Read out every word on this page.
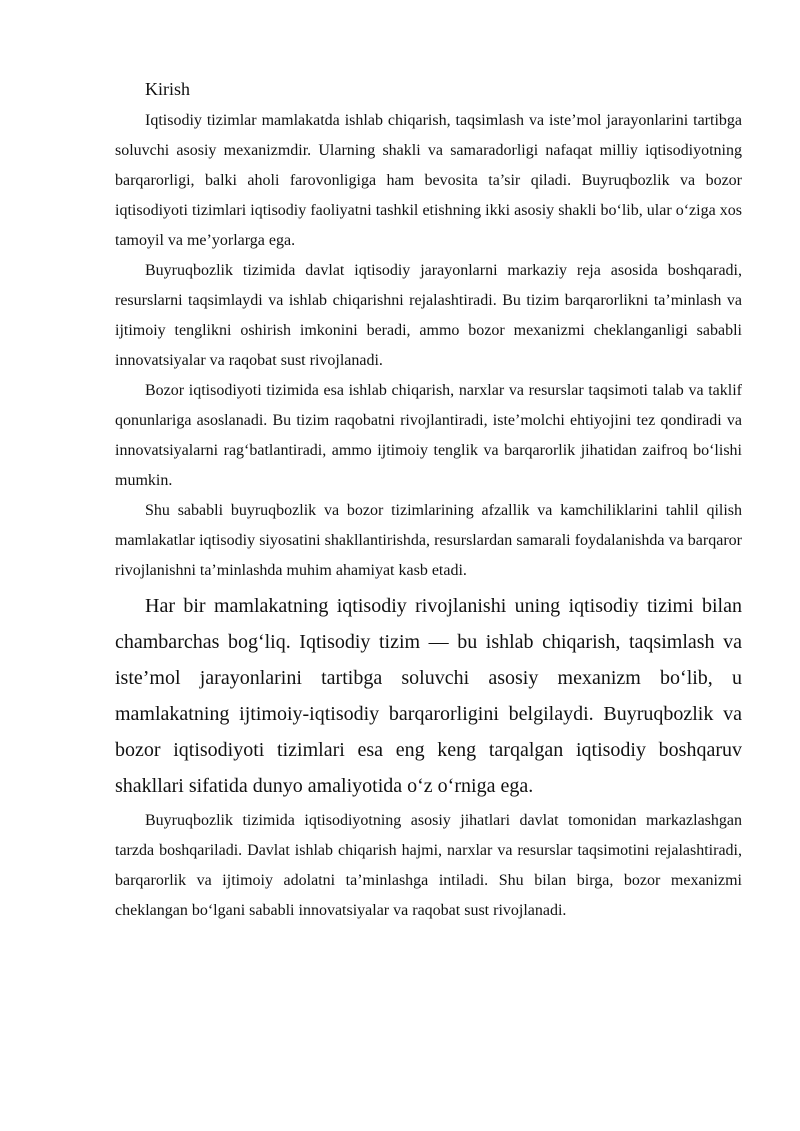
Kirish

Iqtisodiy tizimlar mamlakatda ishlab chiqarish, taqsimlash va iste’mol jarayonlarini tartibga soluvchi asosiy mexanizmdir. Ularning shakli va samaradorligi nafaqat milliy iqtisodiyotning barqarorligi, balki aholi farovonligiga ham bevosita ta’sir qiladi. Buyruqbozlik va bozor iqtisodiyoti tizimlari iqtisodiy faoliyatni tashkil etishning ikki asosiy shakli bo‘lib, ular o‘ziga xos tamoyil va me’yorlarga ega.

Buyruqbozlik tizimida davlat iqtisodiy jarayonlarni markaziy reja asosida boshqaradi, resurslarni taqsimlaydi va ishlab chiqarishni rejalashtiradi. Bu tizim barqarorlikni ta’minlash va ijtimoiy tenglikni oshirish imkonini beradi, ammo bozor mexanizmi cheklanganligi sababli innovatsiyalar va raqobat sust rivojlanadi.

Bozor iqtisodiyoti tizimida esa ishlab chiqarish, narxlar va resurslar taqsimoti talab va taklif qonunlariga asoslanadi. Bu tizim raqobatni rivojlantiradi, iste’molchi ehtiyojini tez qondiradi va innovatsiyalarni rag‘batlantiradi, ammo ijtimoiy tenglik va barqarorlik jihatidan zaifroq bo‘lishi mumkin.

Shu sababli buyruqbozlik va bozor tizimlarining afzallik va kamchiliklarini tahlil qilish mamlakatlar iqtisodiy siyosatini shakllantirishda, resurslardan samarali foydalanishda va barqaror rivojlanishni ta’minlashda muhim ahamiyat kasb etadi.

Har bir mamlakatning iqtisodiy rivojlanishi uning iqtisodiy tizimi bilan chambarchas bog‘liq. Iqtisodiy tizim — bu ishlab chiqarish, taqsimlash va iste’mol jarayonlarini tartibga soluvchi asosiy mexanizm bo‘lib, u mamlakatning ijtimoiy-iqtisodiy barqarorligini belgilaydi. Buyruqbozlik va bozor iqtisodiyoti tizimlari esa eng keng tarqalgan iqtisodiy boshqaruv shakllari sifatida dunyo amaliyotida o‘z o‘rniga ega.

Buyruqbozlik tizimida iqtisodiyotning asosiy jihatlari davlat tomonidan markazlashgan tarzda boshqariladi. Davlat ishlab chiqarish hajmi, narxlar va resurslar taqsimotini rejalashtiradi, barqarorlik va ijtimoiy adolatni ta’minlashga intiladi. Shu bilan birga, bozor mexanizmi cheklangan bo‘lgani sababli innovatsiyalar va raqobat sust rivojlanadi.
